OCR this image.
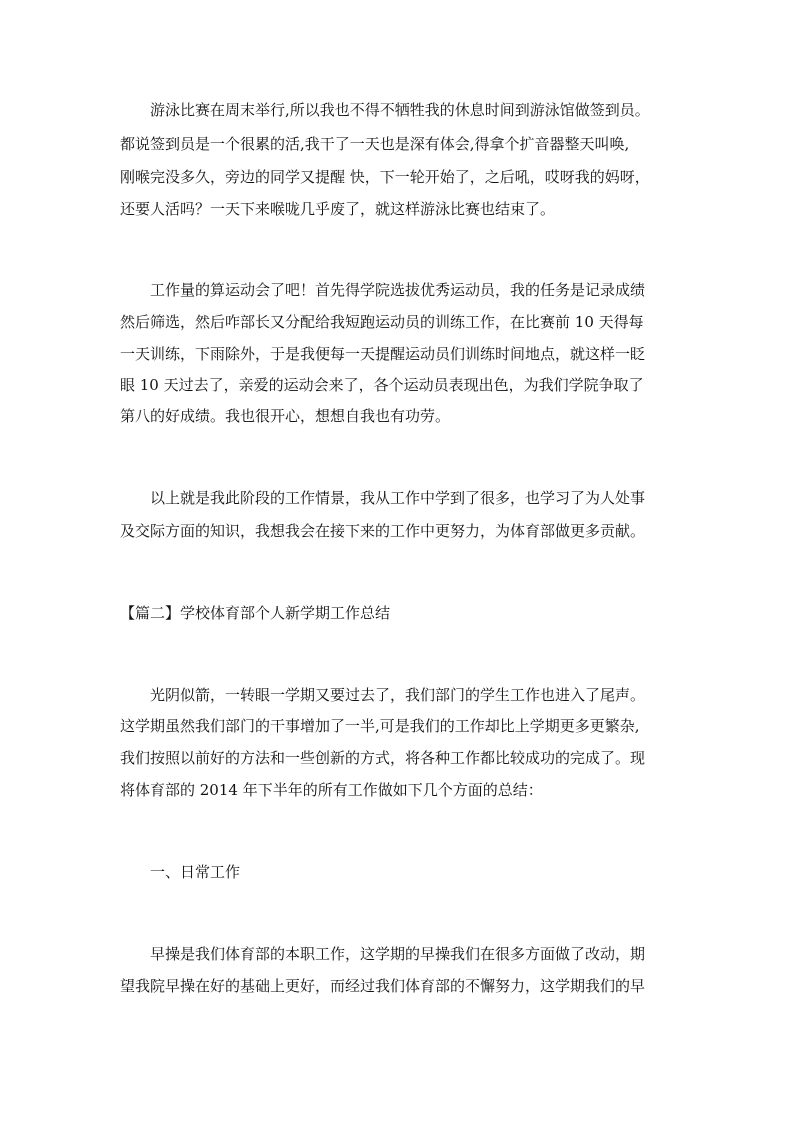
游泳比赛在周末举行,所以我也不得不牺牲我的休息时间到游泳馆做签到员。
都说签到员是一个很累的活,我干了一天也是深有体会,得拿个扩音器整天叫唤,
刚喉完没多久，旁边的同学又提醒 快，下一轮开始了，之后吼，哎呀我的妈呀，
还要人活吗？一天下来喉咙几乎废了，就这样游泳比赛也结束了。
工作量的算运动会了吧！首先得学院选拔优秀运动员，我的任务是记录成绩
然后筛选，然后咋部长又分配给我短跑运动员的训练工作，在比赛前 10 天得每
一天训练，下雨除外，于是我便每一天提醒运动员们训练时间地点，就这样一眨
眼 10 天过去了，亲爱的运动会来了，各个运动员表现出色，为我们学院争取了
第八的好成绩。我也很开心，想想自我也有功劳。
以上就是我此阶段的工作情景，我从工作中学到了很多，也学习了为人处事
及交际方面的知识，我想我会在接下来的工作中更努力，为体育部做更多贡献。
【篇二】学校体育部个人新学期工作总结
光阴似箭，一转眼一学期又要过去了，我们部门的学生工作也进入了尾声。
这学期虽然我们部门的干事增加了一半,可是我们的工作却比上学期更多更繁杂,
我们按照以前好的方法和一些创新的方式，将各种工作都比较成功的完成了。现
将体育部的 2014 年下半年的所有工作做如下几个方面的总结：
一、日常工作
早操是我们体育部的本职工作，这学期的早操我们在很多方面做了改动，期
望我院早操在好的基础上更好，而经过我们体育部的不懈努力，这学期我们的早
